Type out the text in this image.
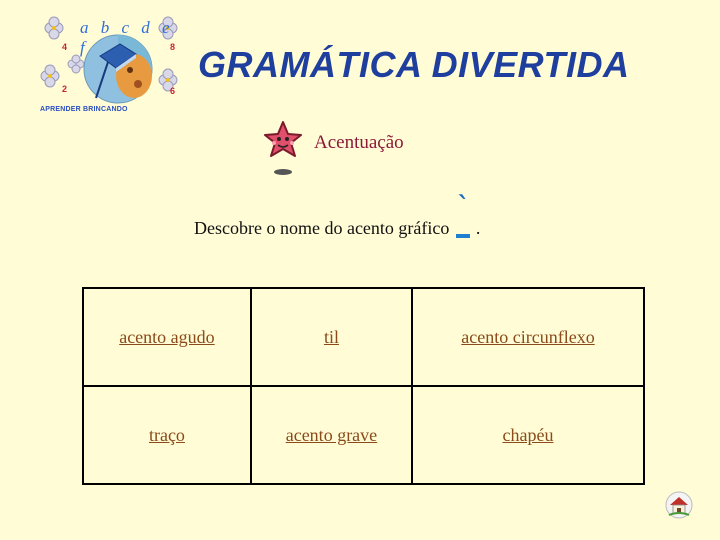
a b c d e f
4	8
2	6
APRENDER BRINCANDO
GRAMÁTICA DIVERTIDA
Acentuação
Descobre o nome do acento gráfico
`
.
acento agudo	til	acento circunflexo
traço	acento grave	chapéu
